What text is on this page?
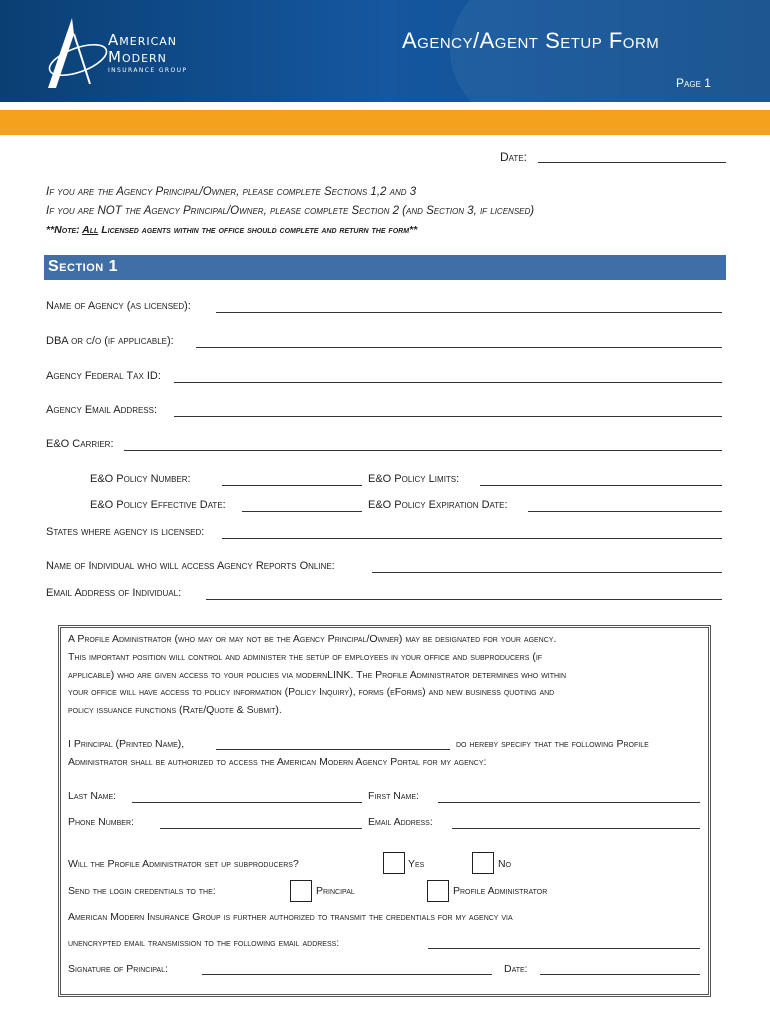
American
Modern
INSURANCE GROUP
Agency/Agent Setup Form
Page 1
Date:
If you are the Agency Principal/Owner, please complete Sections 1,2 and 3
If you are NOT the Agency Principal/Owner, please complete Section 2 (and Section 3, if licensed)
**Note: All Licensed agents within the office should complete and return the form**
Section 1
Name of Agency (as licensed):
DBA or c/o (if applicable):
Agency Federal Tax ID:
Agency Email Address:
E&O Carrier:
E&O Policy Number:	E&O Policy Limits:
E&O Policy Effective Date:	E&O Policy Expiration Date:
States where agency is licensed:
Name of Individual who will access Agency Reports Online:
Email Address of Individual:
A Profile Administrator (who may or may not be the Agency Principal/Owner) may be designated for your agency.
This important position will control and administer the setup of employees in your office and subproducers (if
applicable) who are given access to your policies via modernLINK. The Profile Administrator determines who within
your office will have access to policy information (Policy Inquiry), forms (eForms) and new business quoting and
policy issuance functions (Rate/Quote & Submit).
I Principal (Printed Name),	do hereby specify that the following Profile
Administrator shall be authorized to access the American Modern Agency Portal for my agency:
Last Name:	First Name:
Phone Number:	Email Address:
Will the Profile Administrator set up subproducers?	Yes	No
Send the login credentials to the:	Principal	Profile Administrator
American Modern Insurance Group is further authorized to transmit the credentials for my agency via
unencrypted email transmission to the following email address:
Signature of Principal:	Date:
